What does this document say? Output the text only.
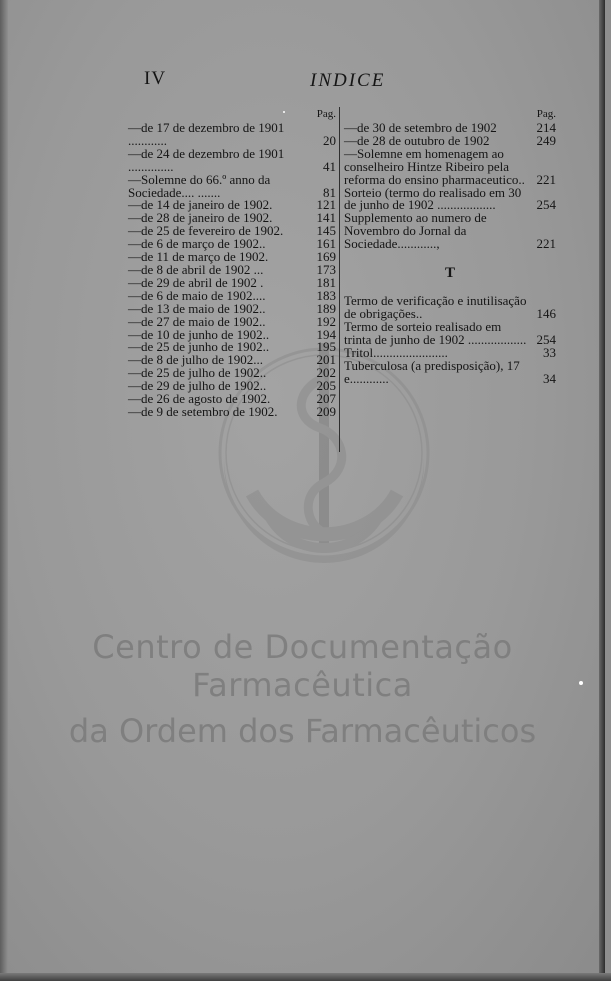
IV	INDICE
Pag.
—de 17 de dezembro de 1901 ............	20
—de 24 de dezembro de 1901 ..............	41
—Solemne do 66.º anno da Sociedade.... .......	81
—de 14 de janeiro de 1902.	121
—de 28 de janeiro de 1902.	141
—de 25 de fevereiro de 1902.	145
—de 6 de março de 1902..	161
—de 11 de março de 1902.	169
—de 8 de abril de 1902 ...	173
—de 29 de abril de 1902 .	181
—de 6 de maio de 1902....	183
—de 13 de maio de 1902..	189
—de 27 de maio de 1902..	192
—de 10 de junho de 1902..	194
—de 25 de junho de 1902..	195
—de 8 de julho de 1902...	201
—de 25 de julho de 1902..	202
—de 29 de julho de 1902..	205
—de 26 de agosto de 1902.	207
—de 9 de setembro de 1902.	209
Pag.
—de 30 de setembro de 1902	214
—de 28 de outubro de 1902	249
—Solemne em homenagem ao conselheiro Hintze Ribeiro pela reforma do ensino pharmaceutico.. 221
Sorteio (termo do realisado em 30 de junho de 1902 ..................	254
Supplemento ao numero de Novembro do Jornal da Sociedade............,	221
T
Termo de verificação e inutilisação de obrigações..	146
Termo de sorteio realisado em trinta de junho de 1902 .................. 254
Tritol.......................	33
Tuberculosa (a predisposição), 17 e............	34
Centro de Documentação Farmacêutica
da Ordem dos Farmacêuticos
